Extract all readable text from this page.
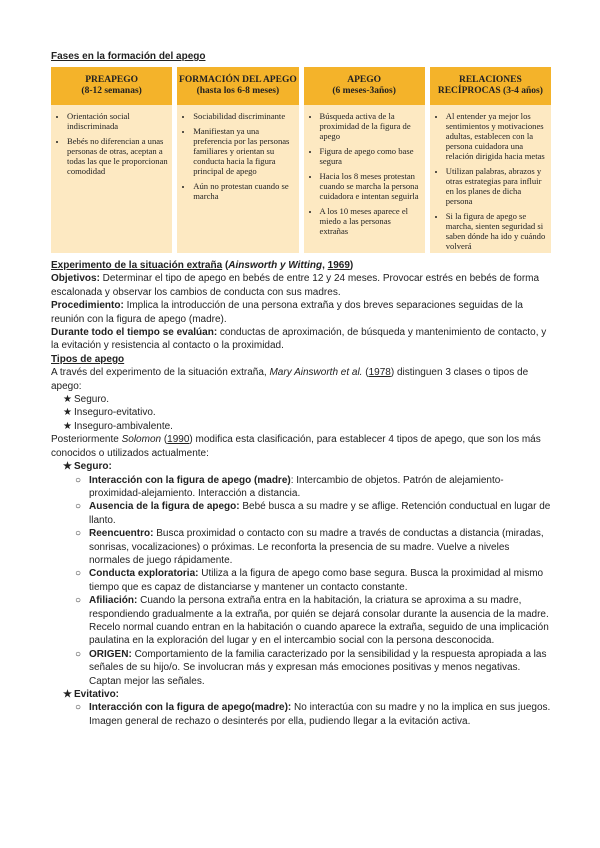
Fases en la formación del apego
PREAPEGO
(8-12 semanas)
• Orientación social indiscriminada
• Bebés no diferencian a unas personas de otras, aceptan a todas las que le proporcionan comodidad
FORMACIÓN DEL APEGO
(hasta los 6-8 meses)
• Sociabilidad discriminante
• Manifiestan ya una preferencia por las personas familiares y orientan su conducta hacia la figura principal de apego
• Aún no protestan cuando se marcha
APEGO
(6 meses-3años)
• Búsqueda activa de la proximidad de la figura de apego
• Figura de apego como base segura
• Hacia los 8 meses protestan cuando se marcha la persona cuidadora e intentan seguirla
• A los 10 meses aparece el miedo a las personas extrañas
RELACIONES
RECÍPROCAS (3-4 años)
• Al entender ya mejor los sentimientos y motivaciones adultas, establecen con la persona cuidadora una relación dirigida hacia metas
• Utilizan palabras, abrazos y otras estrategias para influir en los planes de dicha persona
• Si la figura de apego se marcha, sienten seguridad si saben dónde ha ido y cuándo volverá

Experimento de la situación extraña (Ainsworth y Witting, 1969)

Objetivos: Determinar el tipo de apego en bebés de entre 12 y 24 meses. Provocar estrés en bebés de forma escalonada y observar los cambios de conducta con sus madres.

Procedimiento: Implica la introducción de una persona extraña y dos breves separaciones seguidas de la reunión con la figura de apego (madre).

Durante todo el tiempo se evalúan: conductas de aproximación, de búsqueda y mantenimiento de contacto, y la evitación y resistencia al contacto o la proximidad.

Tipos de apego

A través del experimento de la situación extraña, Mary Ainsworth et al. (1978) distinguen 3 clases o tipos de apego:

★ Seguro.
★ Inseguro-evitativo.
★ Inseguro-ambivalente.

Posteriormente Solomon (1990) modifica esta clasificación, para establecer 4 tipos de apego, que son los más conocidos o utilizados actualmente:

★ Seguro:
○ Interacción con la figura de apego (madre): Intercambio de objetos. Patrón de alejamiento-proximidad-alejamiento. Interacción a distancia.
○ Ausencia de la figura de apego: Bebé busca a su madre y se aflige. Retención conductual en lugar de llanto.
○ Reencuentro: Busca proximidad o contacto con su madre a través de conductas a distancia (miradas, sonrisas, vocalizaciones) o próximas. Le reconforta la presencia de su madre. Vuelve a niveles normales de juego rápidamente.
○ Conducta exploratoria: Utiliza a la figura de apego como base segura. Busca la proximidad al mismo tiempo que es capaz de distanciarse y mantener un contacto constante.
○ Afiliación: Cuando la persona extraña entra en la habitación, la criatura se aproxima a su madre, respondiendo gradualmente a la extraña, por quién se dejará consolar durante la ausencia de la madre. Recelo normal cuando entran en la habitación o cuando aparece la extraña, seguido de una implicación paulatina en la exploración del lugar y en el intercambio social con la persona desconocida.
○ ORIGEN: Comportamiento de la familia caracterizado por la sensibilidad y la respuesta apropiada a las señales de su hijo/o. Se involucran más y expresan más emociones positivas y menos negativas. Captan mejor las señales.
★ Evitativo:
○ Interacción con la figura de apego(madre): No interactúa con su madre y no la implica en sus juegos. Imagen general de rechazo o desinterés por ella, pudiendo llegar a la evitación activa.
